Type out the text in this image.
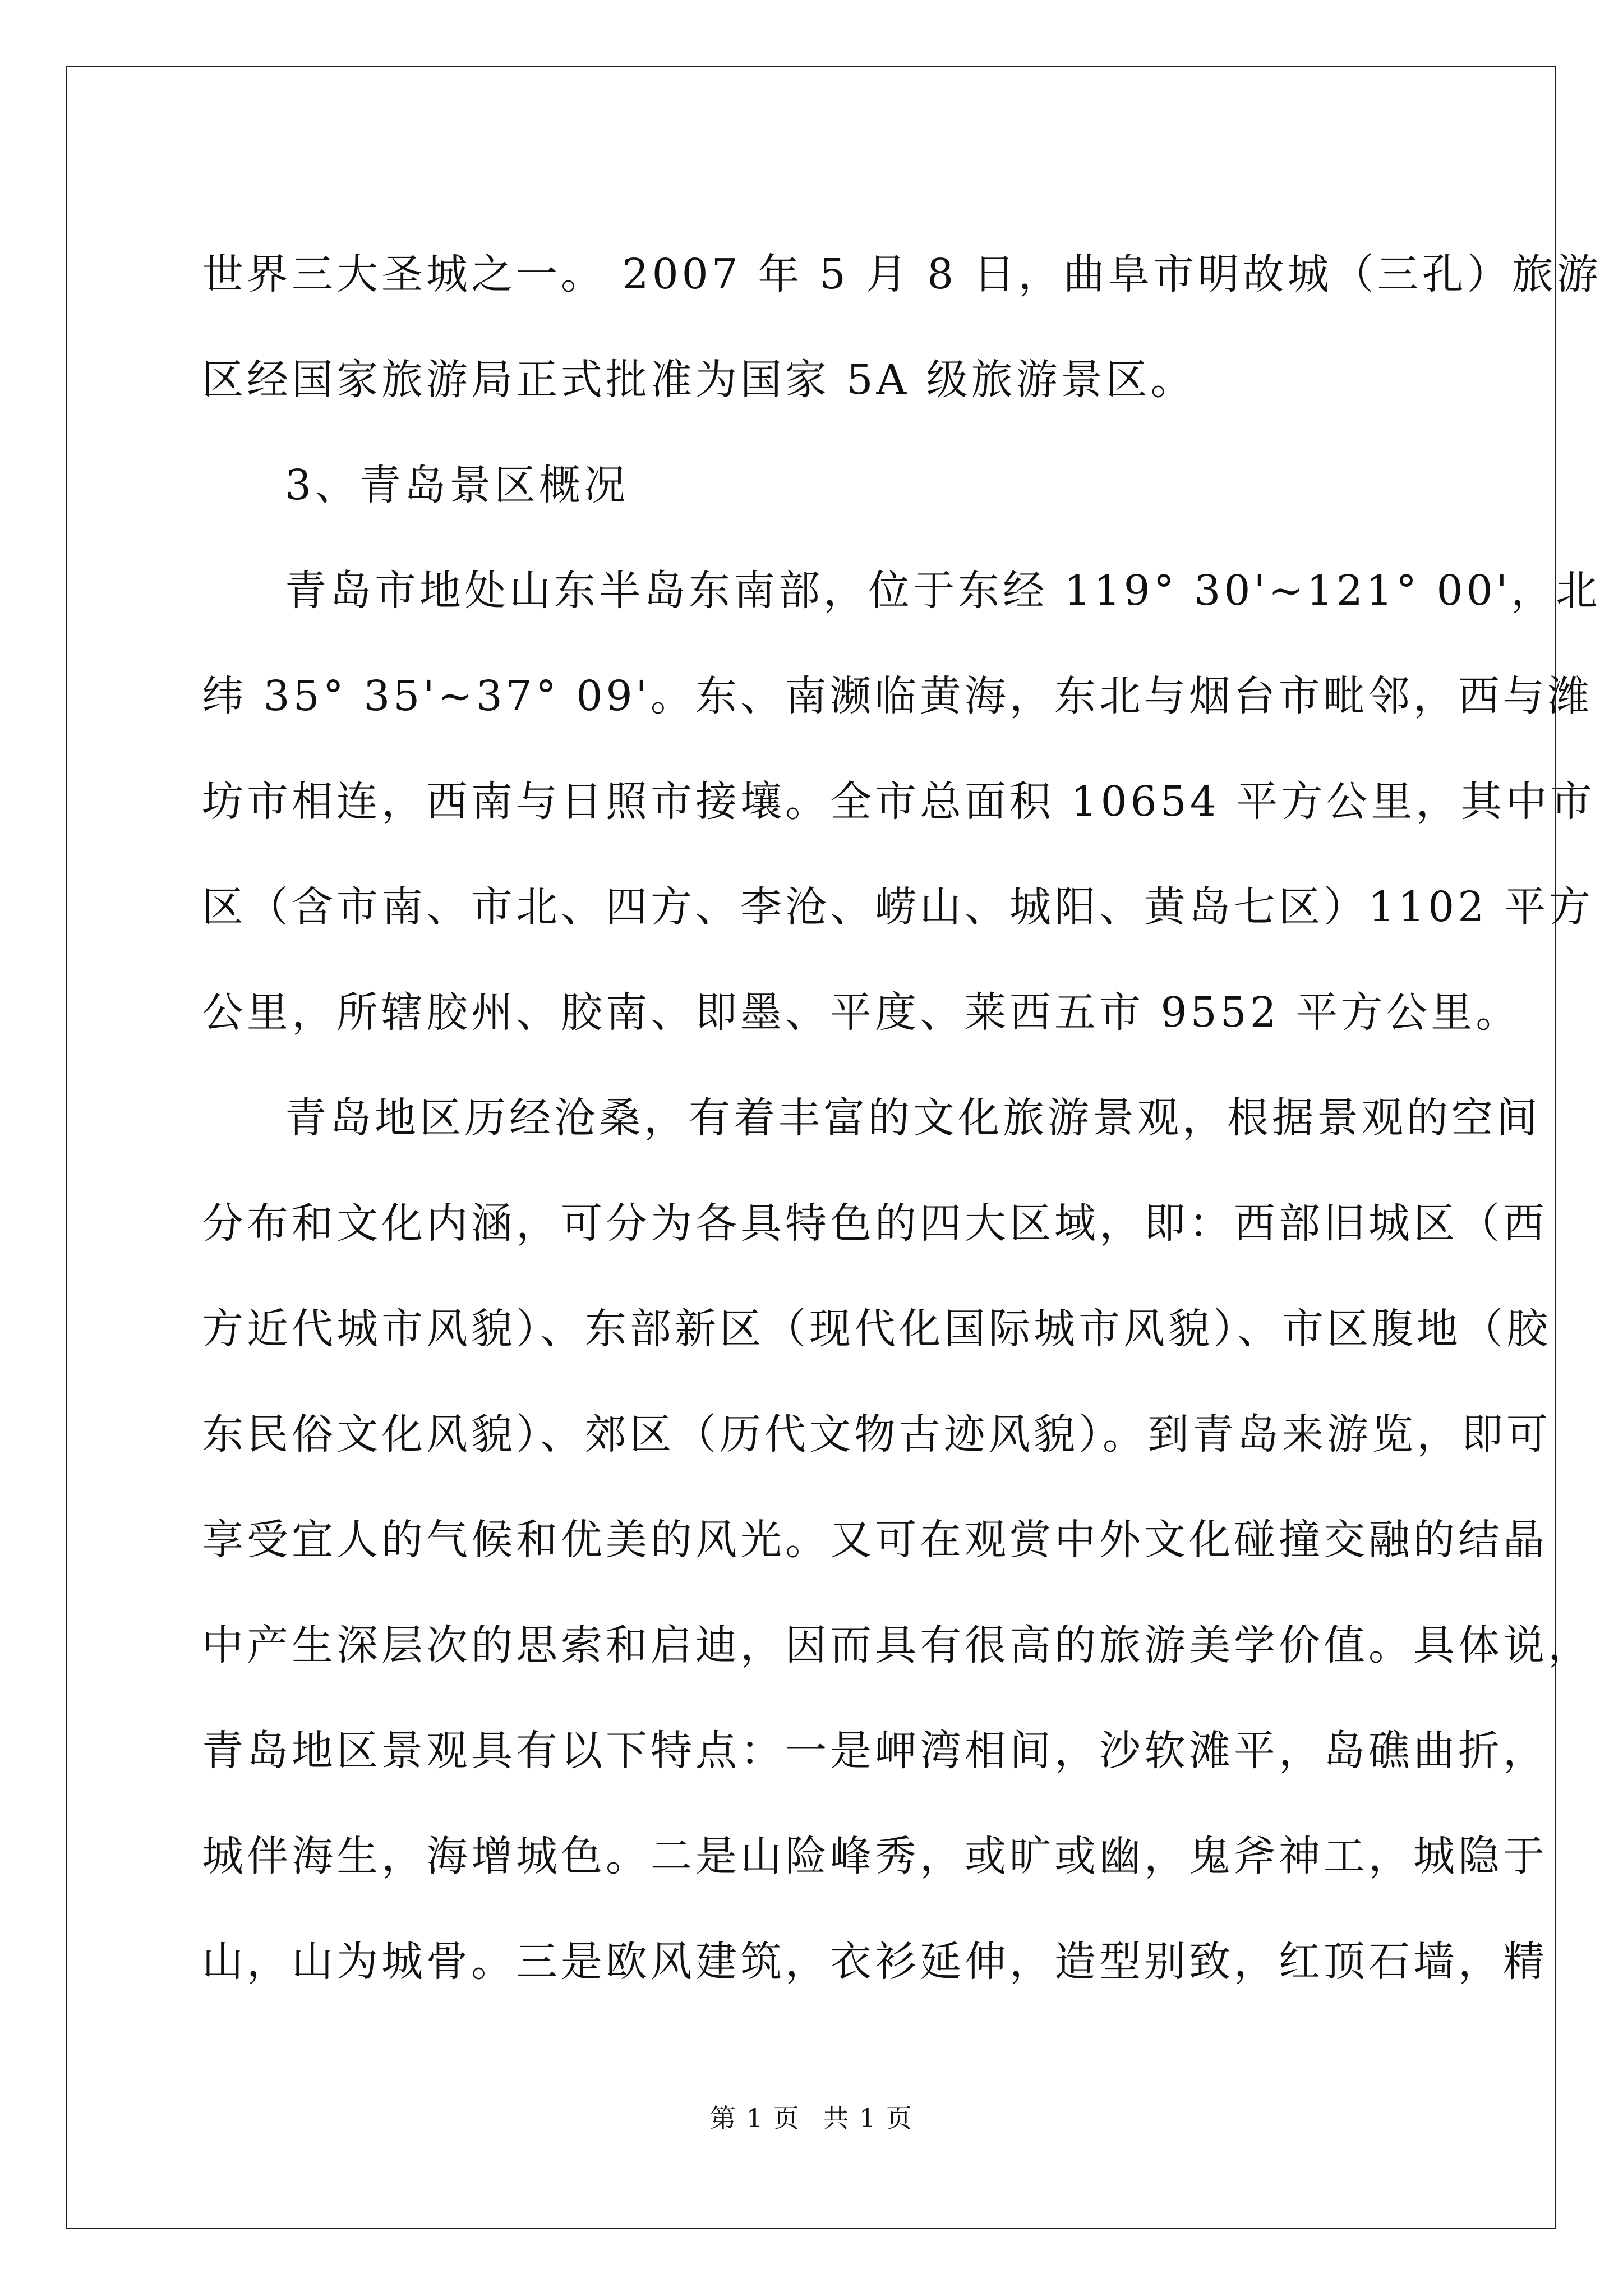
世界三大圣城之一。 2007 年 5 月 8 日，曲阜市明故城（三孔）旅游
区经国家旅游局正式批准为国家 5A 级旅游景区。
3、青岛景区概况
青岛市地处山东半岛东南部，位于东经 119° 30'~121° 00'，北
纬 35° 35'~37° 09'。东、南濒临黄海，东北与烟台市毗邻，西与潍
坊市相连，西南与日照市接壤。全市总面积 10654 平方公里，其中市
区（含市南、市北、四方、李沧、崂山、城阳、黄岛七区）1102 平方
公里，所辖胶州、胶南、即墨、平度、莱西五市 9552 平方公里。
青岛地区历经沧桑，有着丰富的文化旅游景观，根据景观的空间
分布和文化内涵，可分为各具特色的四大区域，即：西部旧城区（西
方近代城市风貌）、东部新区（现代化国际城市风貌）、市区腹地（胶
东民俗文化风貌）、郊区（历代文物古迹风貌）。到青岛来游览，即可
享受宜人的气候和优美的风光。又可在观赏中外文化碰撞交融的结晶
中产生深层次的思索和启迪，因而具有很高的旅游美学价值。具体说，
青岛地区景观具有以下特点：一是岬湾相间，沙软滩平，岛礁曲折，
城伴海生，海增城色。二是山险峰秀，或旷或幽，鬼斧神工，城隐于
山，山为城骨。三是欧风建筑，衣衫延伸，造型别致，红顶石墙，精
第 1 页 共 1 页
